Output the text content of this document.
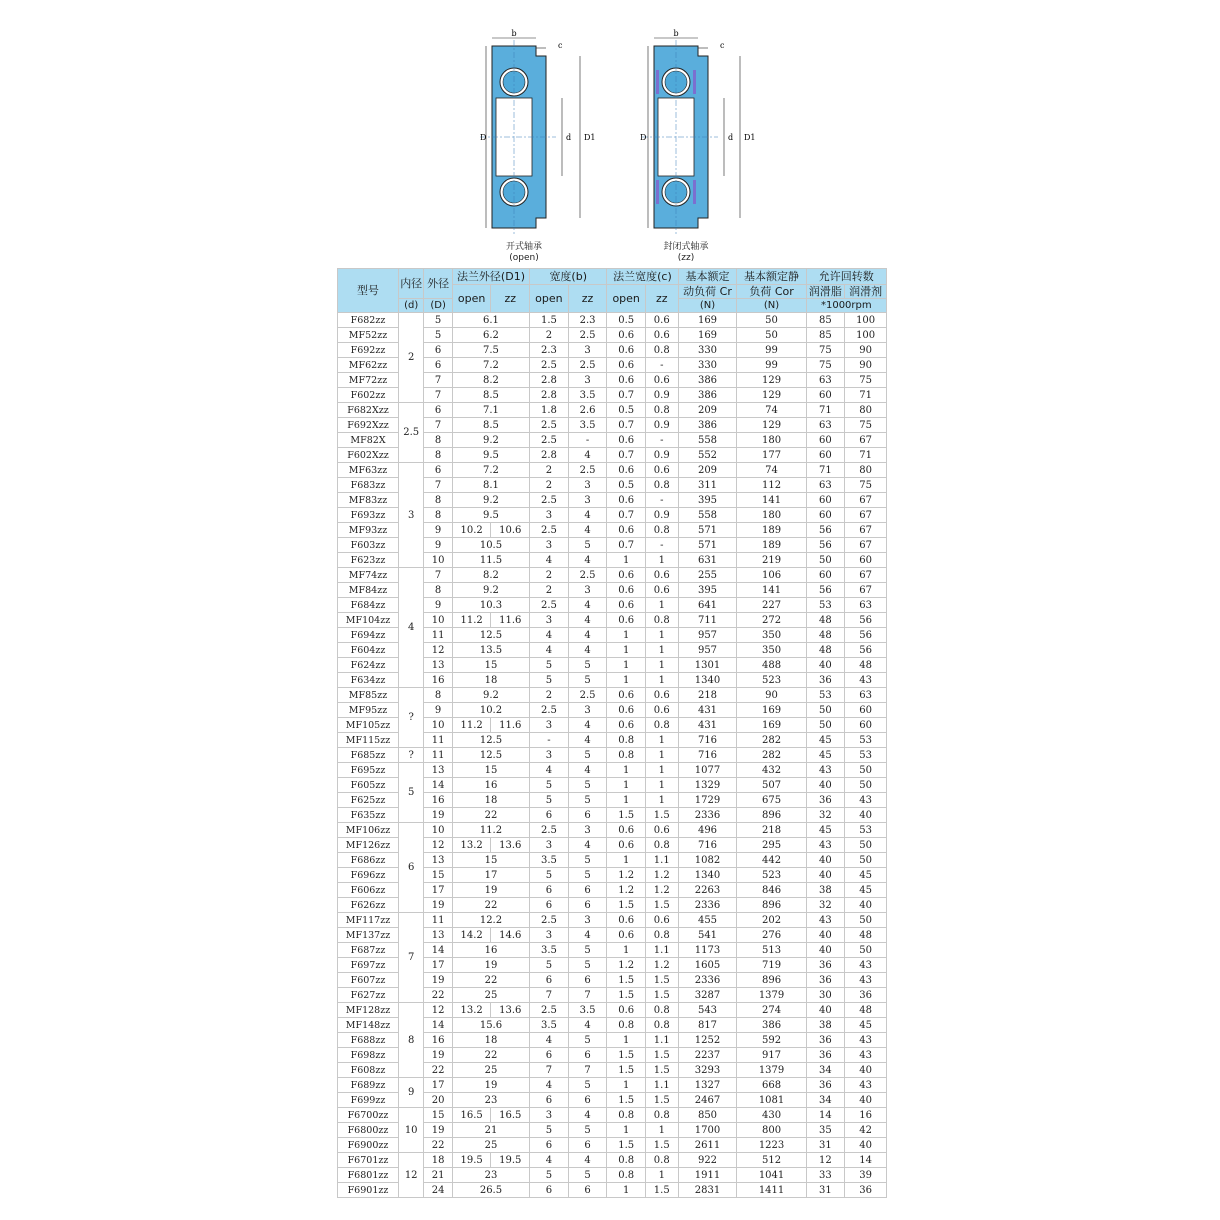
b
c
D	d D1
b
c
D	d D1
开式轴承
(open)
封闭式轴承
(zz)
型号	内径	外径	法兰外径(D1)		宽度(b)		法兰宽度(c)		基本额定	基本额定静	允许回转数	
			open	zz	open	zz	open	zz	动负荷 Cr	负荷 Cor	润滑脂	润滑剂
	(d)	(D)							(N)	(N)	*1000rpm	
F682zz	2	5	6.1		1.5	2.3	0.5	0.6	169	50	85	100
MF52zz		5	6.2		2	2.5	0.6	0.6	169	50	85	100
F692zz		6	7.5		2.3	3	0.6	0.8	330	99	75	90
MF62zz		6	7.2		2.5	2.5	0.6	-	330	99	75	90
MF72zz		7	8.2		2.8	3	0.6	0.6	386	129	63	75
F602zz		7	8.5		2.8	3.5	0.7	0.9	386	129	60	71
F682Xzz	2.5	6	7.1		1.8	2.6	0.5	0.8	209	74	71	80
F692Xzz		7	8.5		2.5	3.5	0.7	0.9	386	129	63	75
MF82X		8	9.2		2.5	-	0.6	-	558	180	60	67
F602Xzz		8	9.5		2.8	4	0.7	0.9	552	177	60	71
MF63zz	3	6	7.2		2	2.5	0.6	0.6	209	74	71	80
F683zz		7	8.1		2	3	0.5	0.8	311	112	63	75
MF83zz		8	9.2		2.5	3	0.6	-	395	141	60	67
F693zz		8	9.5		3	4	0.7	0.9	558	180	60	67
MF93zz		9	10.2	10.6	2.5	4	0.6	0.8	571	189	56	67
F603zz		9	10.5		3	5	0.7	-	571	189	56	67
F623zz		10	11.5		4	4	1	1	631	219	50	60
MF74zz	4	7	8.2		2	2.5	0.6	0.6	255	106	60	67
MF84zz		8	9.2		2	3	0.6	0.6	395	141	56	67
F684zz		9	10.3		2.5	4	0.6	1	641	227	53	63
MF104zz		10	11.2	11.6	3	4	0.6	0.8	711	272	48	56
F694zz		11	12.5		4	4	1	1	957	350	48	56
F604zz		12	13.5		4	4	1	1	957	350	48	56
F624zz		13	15		5	5	1	1	1301	488	40	48
F634zz		16	18		5	5	1	1	1340	523	36	43
MF85zz	?	8	9.2		2	2.5	0.6	0.6	218	90	53	63
MF95zz		9	10.2		2.5	3	0.6	0.6	431	169	50	60
MF105zz		10	11.2	11.6	3	4	0.6	0.8	431	169	50	60
MF115zz		11	12.5		-	4	0.8	1	716	282	45	53
F685zz	?	11	12.5		3	5	0.8	1	716	282	45	53
F695zz	5	13	15		4	4	1	1	1077	432	43	50
F605zz		14	16		5	5	1	1	1329	507	40	50
F625zz		16	18		5	5	1	1	1729	675	36	43
F635zz		19	22		6	6	1.5	1.5	2336	896	32	40
MF106zz	6	10	11.2		2.5	3	0.6	0.6	496	218	45	53
MF126zz		12	13.2	13.6	3	4	0.6	0.8	716	295	43	50
F686zz		13	15		3.5	5	1	1.1	1082	442	40	50
F696zz		15	17		5	5	1.2	1.2	1340	523	40	45
F606zz		17	19		6	6	1.2	1.2	2263	846	38	45
F626zz		19	22		6	6	1.5	1.5	2336	896	32	40
MF117zz	7	11	12.2		2.5	3	0.6	0.6	455	202	43	50
MF137zz		13	14.2	14.6	3	4	0.6	0.8	541	276	40	48
F687zz		14	16		3.5	5	1	1.1	1173	513	40	50
F697zz		17	19		5	5	1.2	1.2	1605	719	36	43
F607zz		19	22		6	6	1.5	1.5	2336	896	36	43
F627zz		22	25		7	7	1.5	1.5	3287	1379	30	36
MF128zz	8	12	13.2	13.6	2.5	3.5	0.6	0.8	543	274	40	48
MF148zz		14	15.6		3.5	4	0.8	0.8	817	386	38	45
F688zz		16	18		4	5	1	1.1	1252	592	36	43
F698zz		19	22		6	6	1.5	1.5	2237	917	36	43
F608zz		22	25		7	7	1.5	1.5	3293	1379	34	40
F689zz	9	17	19		4	5	1	1.1	1327	668	36	43
F699zz		20	23		6	6	1.5	1.5	2467	1081	34	40
F6700zz	10	15	16.5	16.5	3	4	0.8	0.8	850	430	14	16
F6800zz		19	21		5	5	1	1	1700	800	35	42
F6900zz		22	25		6	6	1.5	1.5	2611	1223	31	40
F6701zz	12	18	19.5	19.5	4	4	0.8	0.8	922	512	12	14
F6801zz		21	23		5	5	0.8	1	1911	1041	33	39
F6901zz		24	26.5		6	6	1	1.5	2831	1411	31	36
